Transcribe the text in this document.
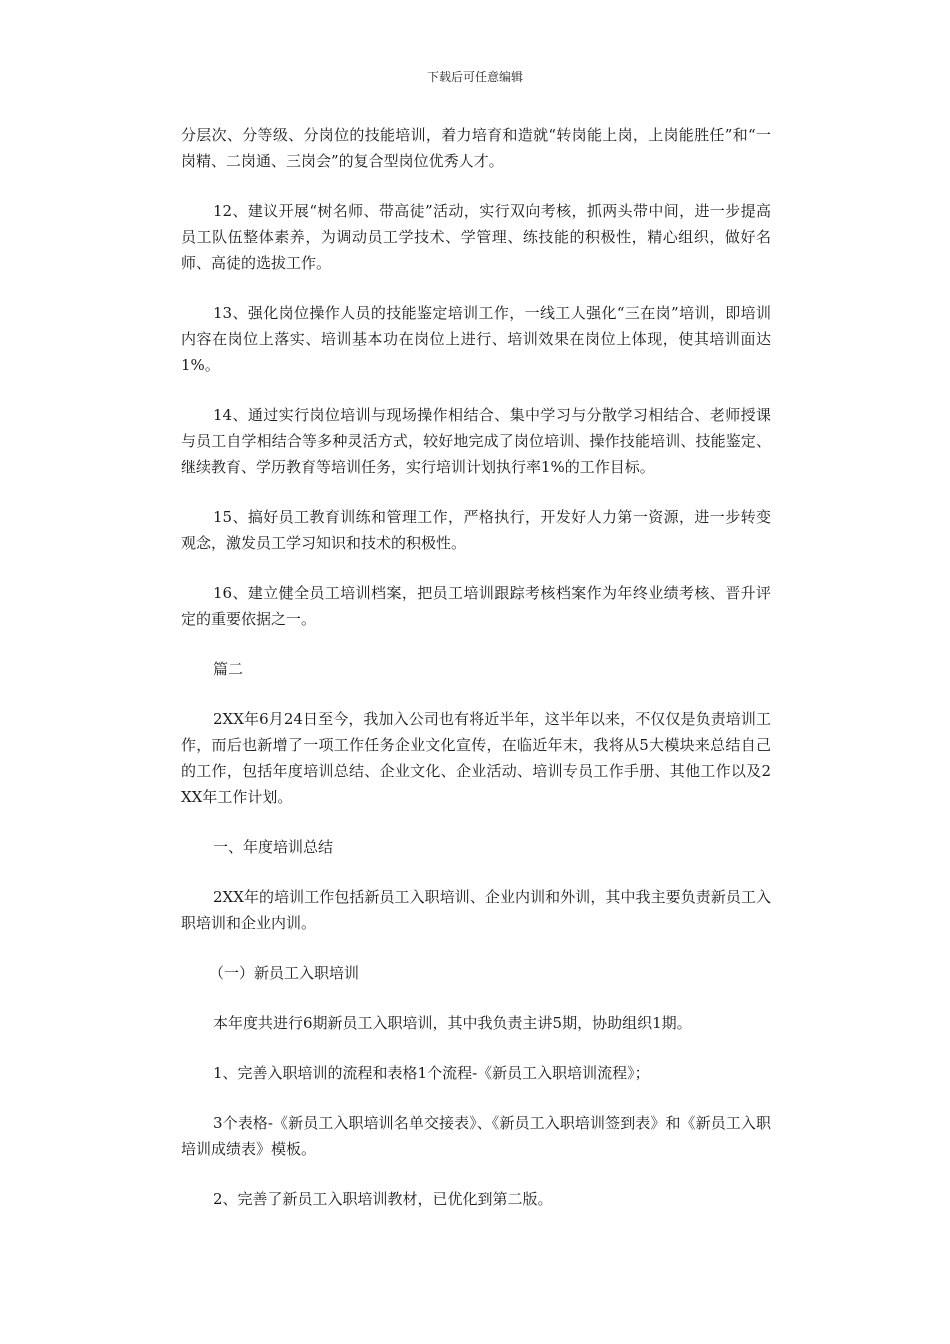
下载后可任意编辑

分层次、分等级、分岗位的技能培训，着力培育和造就“转岗能上岗，上岗能胜任”和“一岗精、二岗通、三岗会”的复合型岗位优秀人才。

12、建议开展“树名师、带高徒”活动，实行双向考核，抓两头带中间，进一步提高员工队伍整体素养，为调动员工学技术、学管理、练技能的积极性，精心组织，做好名师、高徒的选拔工作。

13、强化岗位操作人员的技能鉴定培训工作，一线工人强化“三在岗”培训，即培训内容在岗位上落实、培训基本功在岗位上进行、培训效果在岗位上体现，使其培训面达1%。

14、通过实行岗位培训与现场操作相结合、集中学习与分散学习相结合、老师授课与员工自学相结合等多种灵活方式，较好地完成了岗位培训、操作技能培训、技能鉴定、继续教育、学历教育等培训任务，实行培训计划执行率1%的工作目标。

15、搞好员工教育训练和管理工作，严格执行，开发好人力第一资源，进一步转变观念，激发员工学习知识和技术的积极性。

16、建立健全员工培训档案，把员工培训跟踪考核档案作为年终业绩考核、晋升评定的重要依据之一。

篇二

2XX年6月24日至今，我加入公司也有将近半年，这半年以来，不仅仅是负责培训工作，而后也新增了一项工作任务企业文化宣传，在临近年末，我将从5大模块来总结自己的工作，包括年度培训总结、企业文化、企业活动、培训专员工作手册、其他工作以及2XX年工作计划。

一、年度培训总结

2XX年的培训工作包括新员工入职培训、企业内训和外训，其中我主要负责新员工入职培训和企业内训。

（一）新员工入职培训

本年度共进行6期新员工入职培训，其中我负责主讲5期，协助组织1期。

1、完善入职培训的流程和表格1个流程-《新员工入职培训流程》；

3个表格-《新员工入职培训名单交接表》、《新员工入职培训签到表》和《新员工入职培训成绩表》模板。

2、完善了新员工入职培训教材，已优化到第二版。
